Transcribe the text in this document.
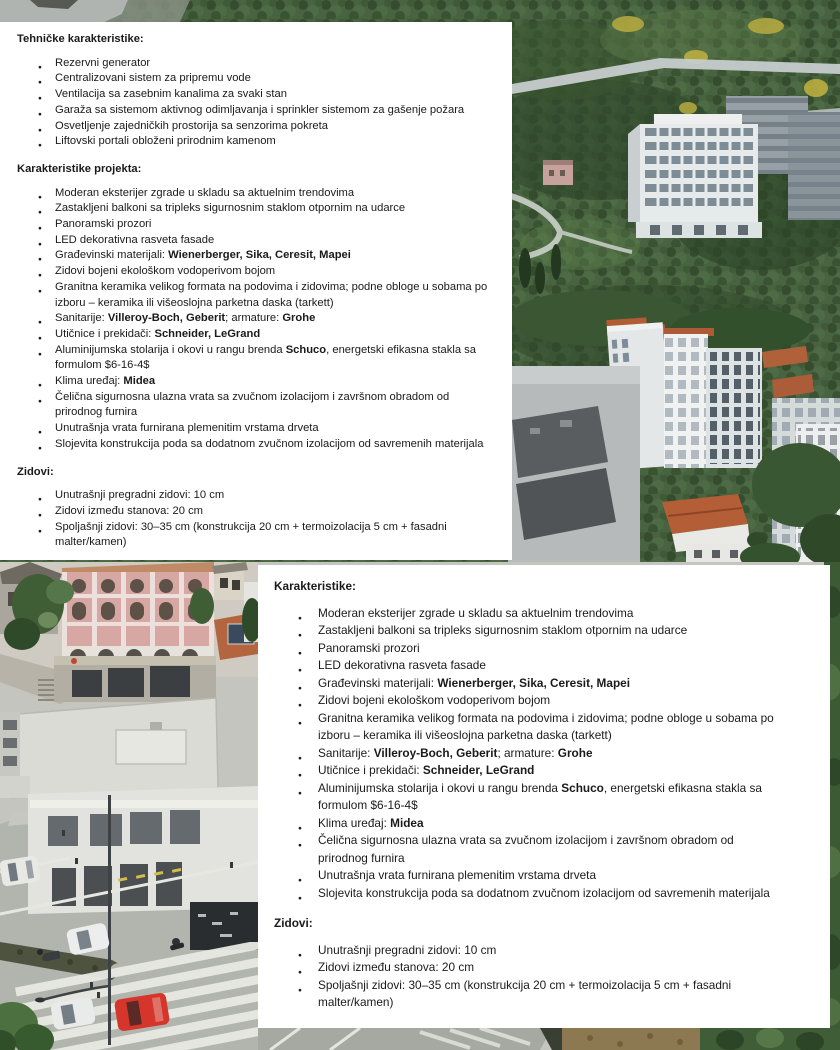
Tehničke karakteristike:
● Rezervni generator
● Centralizovani sistem za pripremu vode
● Ventilacija sa zasebnim kanalima za svaki stan
● Garaža sa sistemom aktivnog odimljavanja i sprinkler sistemom za gašenje požara
● Osvetljenje zajedničkih prostorija sa senzorima pokreta
● Liftovski portali obloženi prirodnim kamenom
Karakteristike projekta:
● Moderan eksterijer zgrade u skladu sa aktuelnim trendovima
● Zastakljeni balkoni sa tripleks sigurnosnim staklom otpornim na udarce
● Panoramski prozori
● LED dekorativna rasveta fasade
● Građevinski materijali: Wienerberger, Sika, Ceresit, Mapei
● Zidovi bojeni ekološkom vodoperivom bojom
● Granitna keramika velikog formata na podovima i zidovima; podne obloge u sobama po izboru – keramika ili višeoslojna parketna daska (tarkett)
● Sanitarije: Villeroy-Boch, Geberit; armature: Grohe
● Utičnice i prekidači: Schneider, LeGrand
● Aluminijumska stolarija i okovi u rangu brenda Schuco, energetski efikasna stakla sa formulom $6-16-4$
● Klima uređaj: Midea
● Čelična sigurnosna ulazna vrata sa zvučnom izolacijom i završnom obradom od prirodnog furnira
● Unutrašnja vrata furnirana plemenitim vrstama drveta
● Slojevita konstrukcija poda sa dodatnom zvučnom izolacijom od savremenih materijala
Zidovi:
● Unutrašnji pregradni zidovi: 10 cm
● Zidovi između stanova: 20 cm
● Spoljašnji zidovi: 30–35 cm (konstrukcija 20 cm + termoizolacija 5 cm + fasadni malter/kamen)
Karakteristike:
● Moderan eksterijer zgrade u skladu sa aktuelnim trendovima
● Zastakljeni balkoni sa tripleks sigurnosnim staklom otpornim na udarce
● Panoramski prozori
● LED dekorativna rasveta fasade
● Građevinski materijali: Wienerberger, Sika, Ceresit, Mapei
● Zidovi bojeni ekološkom vodoperivom bojom
● Granitna keramika velikog formata na podovima i zidovima; podne obloge u sobama po izboru – keramika ili višeoslojna parketna daska (tarkett)
● Sanitarije: Villeroy-Boch, Geberit; armature: Grohe
● Utičnice i prekidači: Schneider, LeGrand
● Aluminijumska stolarija i okovi u rangu brenda Schuco, energetski efikasna stakla sa formulom $6-16-4$
● Klima uređaj: Midea
● Čelična sigurnosna ulazna vrata sa zvučnom izolacijom i završnom obradom od prirodnog furnira
● Unutrašnja vrata furnirana plemenitim vrstama drveta
● Slojevita konstrukcija poda sa dodatnom zvučnom izolacijom od savremenih materijala
Zidovi:
● Unutrašnji pregradni zidovi: 10 cm
● Zidovi između stanova: 20 cm
● Spoljašnji zidovi: 30–35 cm (konstrukcija 20 cm + termoizolacija 5 cm + fasadni malter/kamen)
